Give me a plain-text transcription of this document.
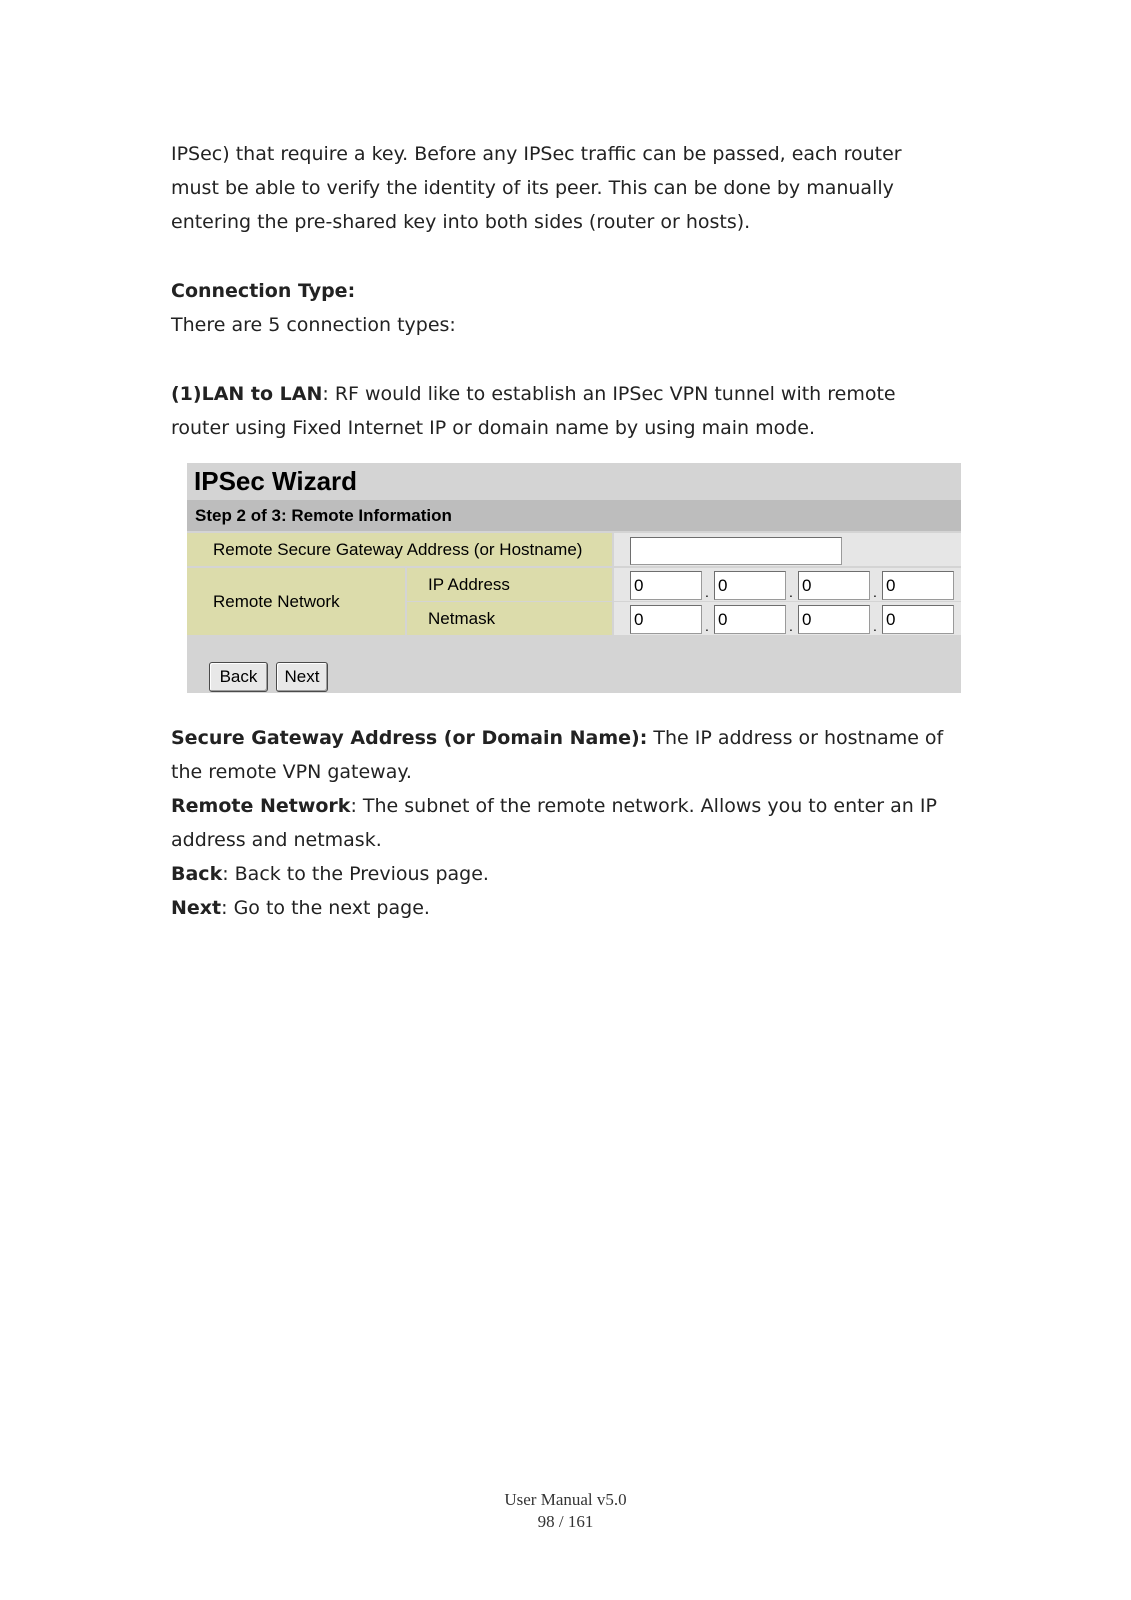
IPSec) that require a key. Before any IPSec traffic can be passed, each router

must be able to verify the identity of its peer. This can be done by manually

entering the pre-shared key into both sides (router or hosts).

Connection Type:

There are 5 connection types:

(1)LAN to LAN: RF would like to establish an IPSec VPN tunnel with remote

router using Fixed Internet IP or domain name by using main mode.

IPSec Wizard
Step 2 of 3: Remote Information
Remote Secure Gateway Address (or Hostname)
Remote Network
IP Address	0	. 0	. 0	. 0
Netmask	0	. 0	. 0	. 0
Back	Next

Secure Gateway Address (or Domain Name): The IP address or hostname of

the remote VPN gateway.

Remote Network: The subnet of the remote network. Allows you to enter an IP

address and netmask.

Back: Back to the Previous page.

Next: Go to the next page.

User Manual v5.0
98 / 161
